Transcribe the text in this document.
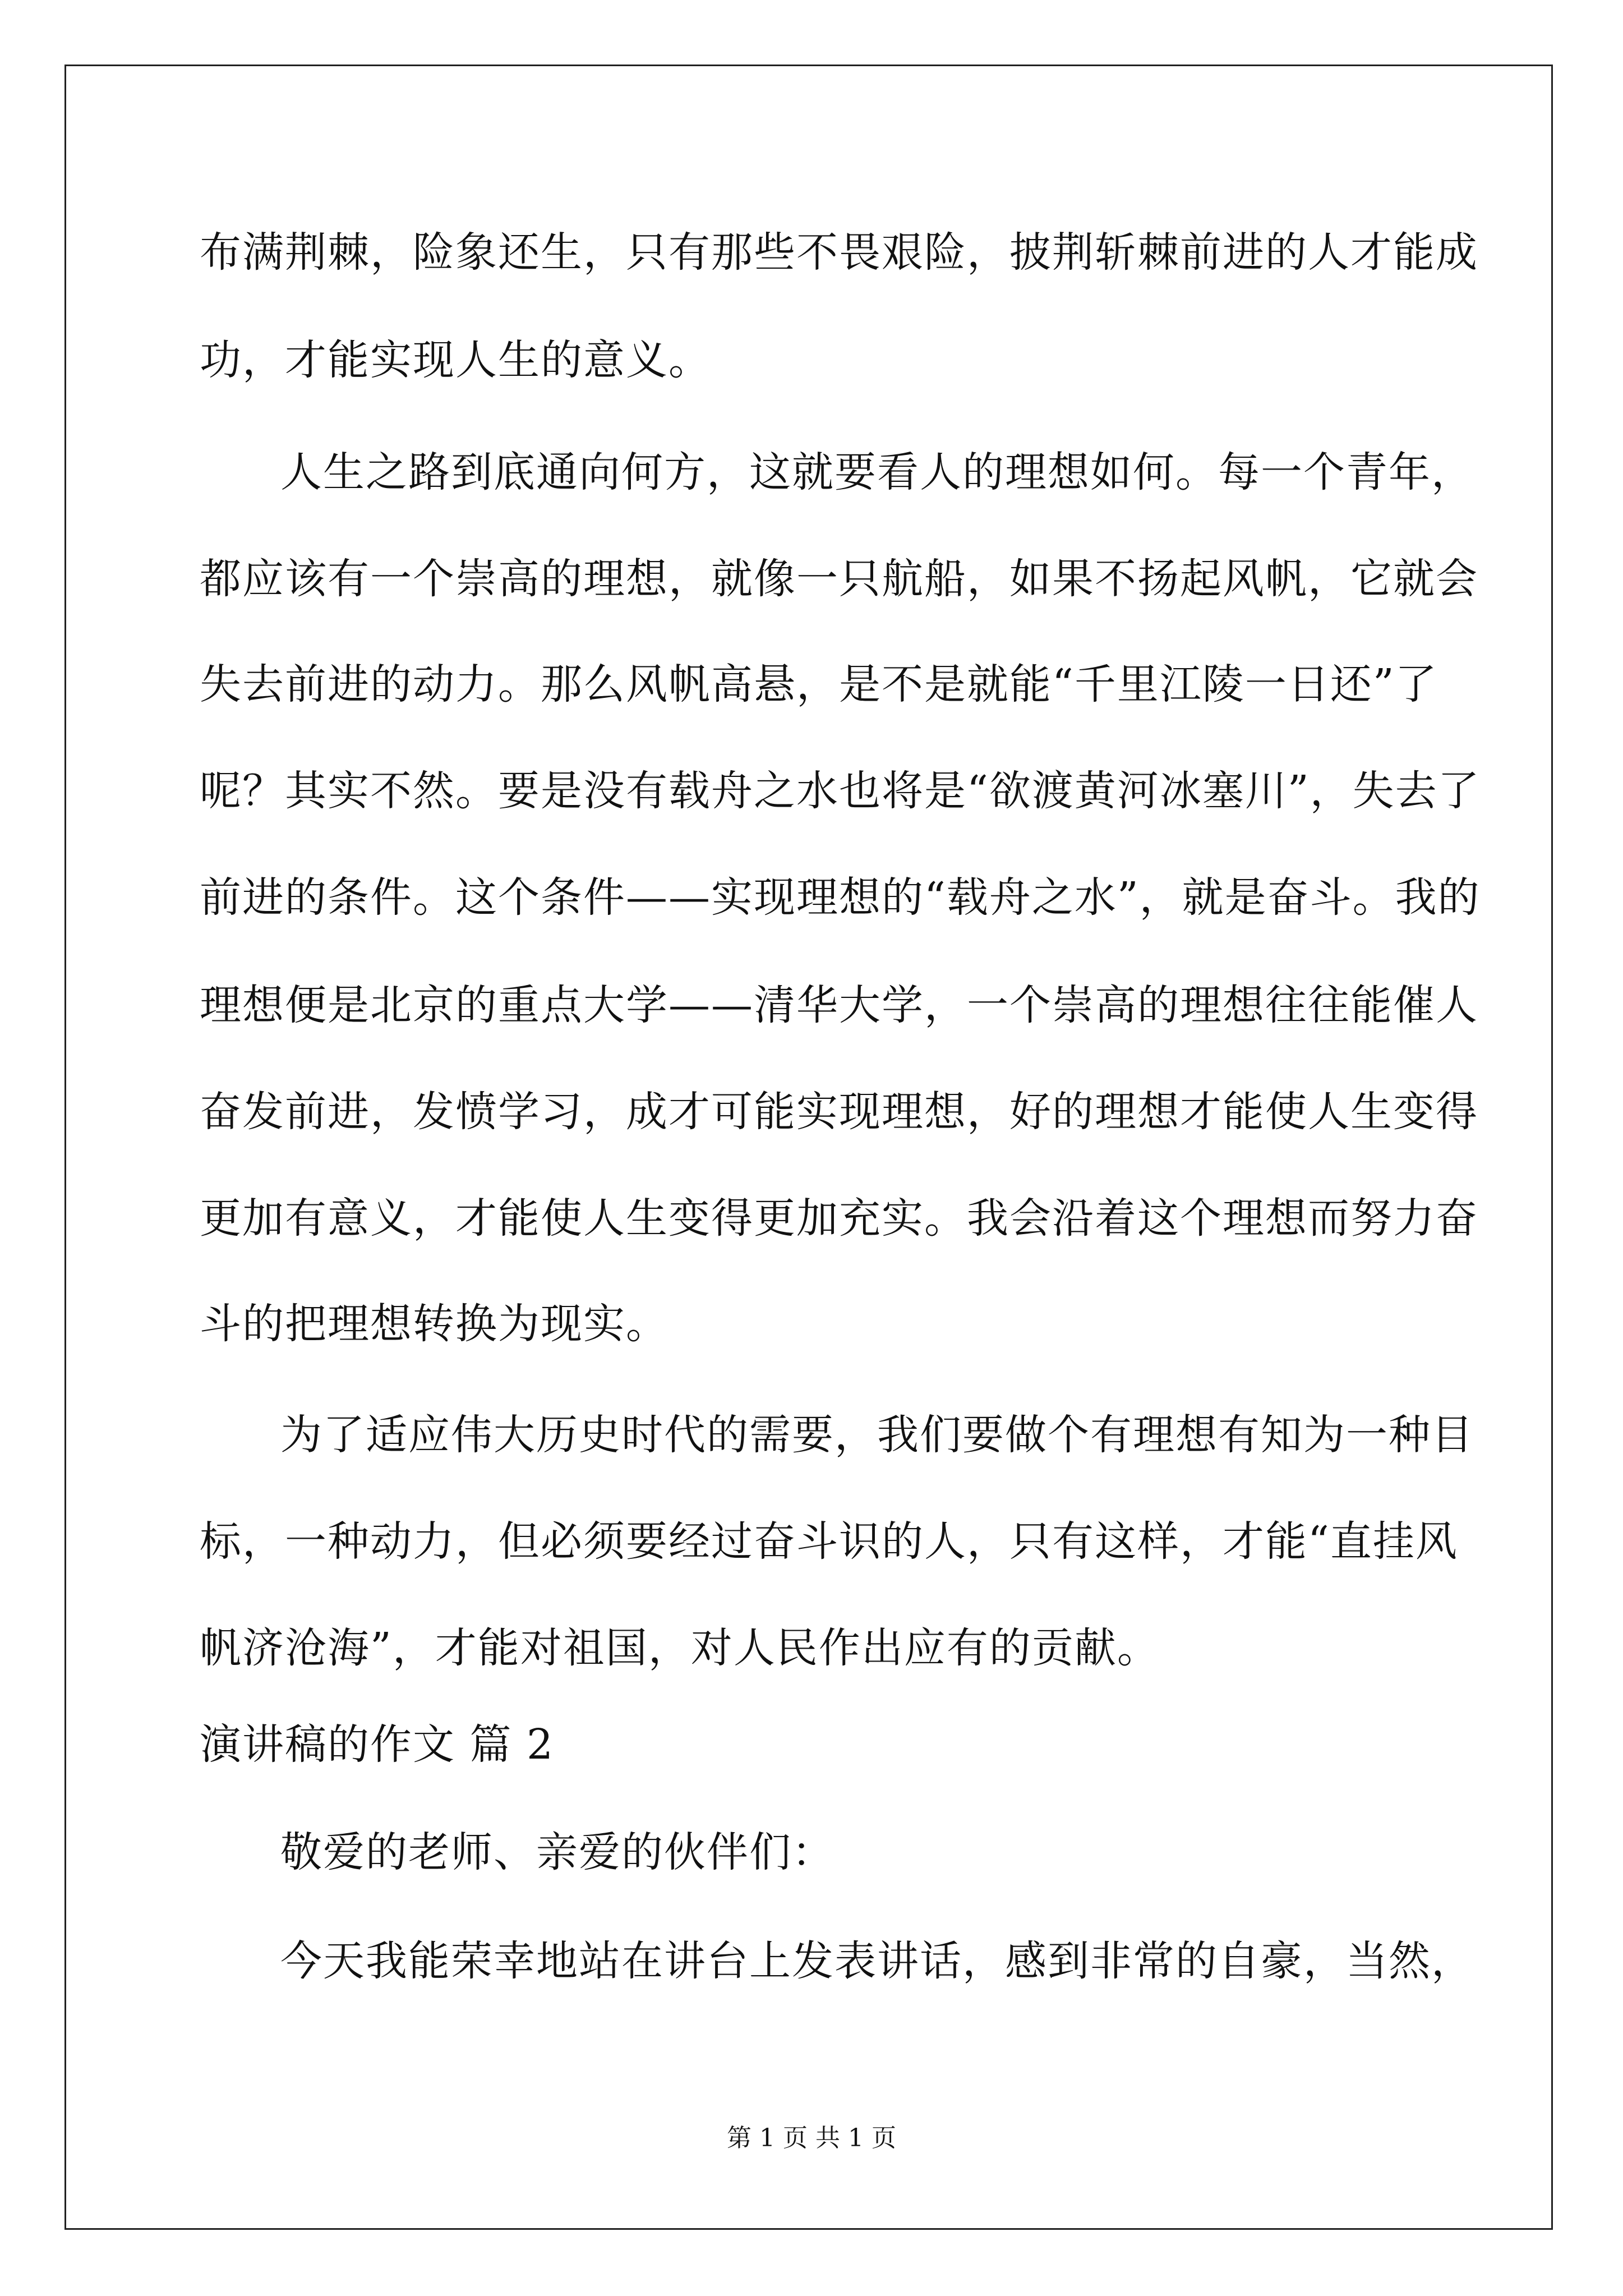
布满荆棘，险象还生，只有那些不畏艰险，披荆斩棘前进的人才能成
功，才能实现人生的意义。
人生之路到底通向何方，这就要看人的理想如何。每一个青年，
都应该有一个崇高的理想，就像一只航船，如果不扬起风帆，它就会
失去前进的动力。那么风帆高悬，是不是就能“千里江陵一日还”了
呢？其实不然。要是没有载舟之水也将是“欲渡黄河冰塞川”，失去了
前进的条件。这个条件——实现理想的“载舟之水”，就是奋斗。我的
理想便是北京的重点大学——清华大学，一个崇高的理想往往能催人
奋发前进，发愤学习，成才可能实现理想，好的理想才能使人生变得
更加有意义，才能使人生变得更加充实。我会沿着这个理想而努力奋
斗的把理想转换为现实。
为了适应伟大历史时代的需要，我们要做个有理想有知为一种目
标，一种动力，但必须要经过奋斗识的人，只有这样，才能“直挂风
帆济沧海”，才能对祖国，对人民作出应有的贡献。
演讲稿的作文 篇 2
敬爱的老师、亲爱的伙伴们：
今天我能荣幸地站在讲台上发表讲话，感到非常的自豪，当然，
第 1 页 共 1 页
